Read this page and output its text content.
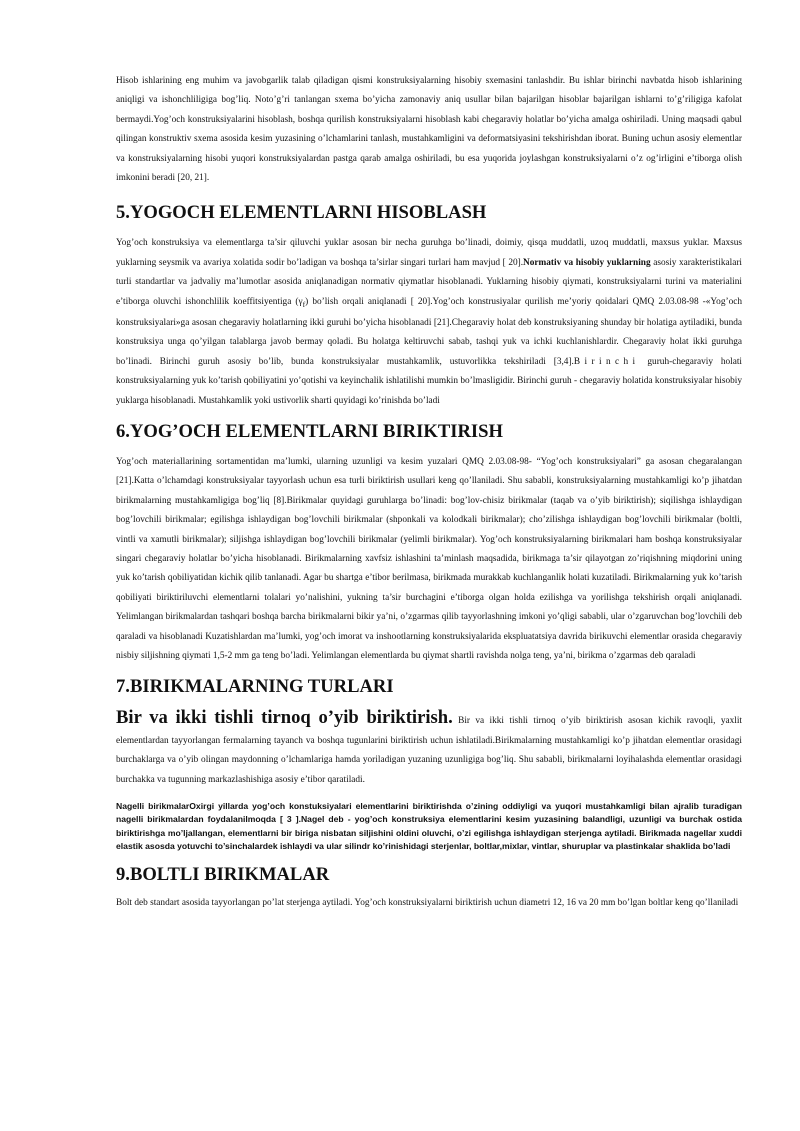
Hisob ishlarining eng muhim va javobgarlik talab qiladigan qismi konstruksiyalarning hisobiy sxemasini tanlashdir. Bu ishlar birinchi navbatda hisob ishlarining aniqligi va ishonchliligiga bog’liq. Noto’g’ri tanlangan sxema bo’yicha zamonaviy aniq usullar bilan bajarilgan hisoblar bajarilgan ishlarni to’g’riligiga kafolat bermaydi.Yog’och konstruksiyalarini hisoblash, boshqa qurilish konstruksiyalarni hisoblash kabi chegaraviy holatlar bo’yicha amalga oshiriladi. Uning maqsadi qabul qilingan konstruktiv sxema asosida kesim yuzasining o’lchamlarini tanlash, mustahkamligini va deformatsiyasini tekshirishdan iborat. Buning uchun asosiy elementlar va konstruksiyalarning hisobi yuqori konstruksiyalardan pastga qarab amalga oshiriladi, bu esa yuqorida joylashgan konstruksiyalarni o’z og’irligini e’tiborga olish imkonini beradi [20, 21].

5.YOGOCH ELEMENTLARNI HISOBLASH

Yog’och konstruksiya va elementlarga ta’sir qiluvchi yuklar asosan bir necha guruhga bo’linadi, doimiy, qisqa muddatli, uzoq muddatli, maxsus yuklar. Maxsus yuklarning seysmik va avariya xolatida sodir bo’ladigan va boshqa ta’sirlar singari turlari ham mavjud [ 20].Normativ va hisobiy yuklarning asosiy xarakteristikalari turli standartlar va jadvaliy ma’lumotlar asosida aniqlanadigan normativ qiymatlar hisoblanadi. Yuklarning hisobiy qiymati, konstruksiyalarni turini va materialini e’tiborga oluvchi ishonchlilik koeffitsiyentiga $(\gamma_f)$ bo’lish orqali aniqlanadi [ 20].Yog’och konstrusiyalar qurilish me’yoriy qoidalari QMQ 2.03.08-98 -«Yog’och konstruksiyalari»ga asosan chegaraviy holatlarning ikki guruhi bo’yicha hisoblanadi [21].Chegaraviy holat deb konstruksiyaning shunday bir holatiga aytiladiki, bunda konstruksiya unga qo’yilgan talablarga javob bermay qoladi. Bu holatga keltiruvchi sabab, tashqi yuk va ichki kuchlanishlardir. Chegaraviy holat ikki guruhga bo’linadi. Birinchi guruh asosiy bo’lib, bunda konstruksiyalar mustahkamlik, ustuvorlikka tekshiriladi [3,4].Birinchi guruh-chegaraviy holati konstruksiyalarning yuk ko’tarish qobiliyatini yo’qotishi va keyinchalik ishlatilishi mumkin bo’lmasligidir. Birinchi guruh - chegaraviy holatida konstruksiyalar hisobiy yuklarga hisoblanadi. Mustahkamlik yoki ustivorlik sharti quyidagi ko’rinishda bo’ladi

6.YOG’OCH ELEMENTLARNI BIRIKTIRISH

Yog’och materiallarining sortamentidan ma’lumki, ularning uzunligi va kesim yuzalari QMQ 2.03.08-98- “Yog’och konstruksiyalari” ga asosan chegaralangan [21].Katta o’lchamdagi konstruksiyalar tayyorlash uchun esa turli biriktirish usullari keng qo’llaniladi. Shu sababli, konstruksiyalarning mustahkamligi ko’p jihatdan birikmalarning mustahkamligiga bog’liq [8].Birikmalar quyidagi guruhlarga bo’linadi: bog’lov-chisiz birikmalar (taqab va o’yib biriktirish); siqilishga ishlaydigan bog’lovchili birikmalar; egilishga ishlaydigan bog’lovchili birikmalar (shponkali va kolodkali birikmalar); cho’zilishga ishlaydigan bog’lovchili birikmalar (boltli, vintli va xamutli birikmalar); siljishga ishlaydigan bog’lovchili birikmalar (yelimli birikmalar). Yog’och konstruksiyalarning birikmalari ham boshqa konstruksiyalar singari chegaraviy holatlar bo’yicha hisoblanadi. Birikmalarning xavfsiz ishlashini ta’minlash maqsadida, birikmaga ta’sir qilayotgan zo’riqishning miqdorini uning yuk ko’tarish qobiliyatidan kichik qilib tanlanadi. Agar bu shartga e’tibor berilmasa, birikmada murakkab kuchlanganlik holati kuzatiladi. Birikmalarning yuk ko’tarish qobiliyati biriktiriluvchi elementlarni tolalari yo’nalishini, yukning ta’sir burchagini e’tiborga olgan holda ezilishga va yorilishga tekshirish orqali aniqlanadi. Yelimlangan birikmalardan tashqari boshqa barcha birikmalarni bikir ya’ni, o’zgarmas qilib tayyorlashning imkoni yo’qligi sababli, ular o’zgaruvchan bog’lovchili deb qaraladi va hisoblanadi Kuzatishlardan ma’lumki, yog’och imorat va inshootlarning konstruksiyalarida ekspluatatsiya davrida birikuvchi elementlar orasida chegaraviy nisbiy siljishning qiymati 1,5-2 mm ga teng bo’ladi. Yelimlangan elementlarda bu qiymat shartli ravishda nolga teng, ya’ni, birikma o’zgarmas deb qaraladi

7.BIRIKMALARNING TURLARI

Bir va ikki tishli tirnoq o’yib biriktirish. Bir va ikki tishli tirnoq o’yib biriktirish asosan kichik ravoqli, yaxlit elementlardan tayyorlangan fermalarning tayanch va boshqa tugunlarini biriktirish uchun ishlatiladi.Birikmalarning mustahkamligi ko’p jihatdan elementlar orasidagi burchaklarga va o’yib olingan maydonning o’lchamlariga hamda yoriladigan yuzaning uzunligiga bog’liq. Shu sababli, birikmalarni loyihalashda elementlar orasidagi burchakka va tugunning markazlashishiga asosiy e’tibor qaratiladi.

Nagelli birikmalarOxirgi yillarda yog’och konstuksiyalari elementlarini biriktirishda o’zining oddiyligi va yuqori mustahkamligi bilan ajralib turadigan nagelli birikmalardan foydalanilmoqda [ 3 ].Nagel deb - yog’och konstruksiya elementlarini kesim yuzasining balandligi, uzunligi va burchak ostida biriktirishga mo’ljallangan, elementlarni bir biriga nisbatan siljishini oldini oluvchi, o’zi egilishga ishlaydigan sterjenga aytiladi. Birikmada nagellar xuddi elastik asosda yotuvchi to’sinchalardek ishlaydi va ular silindr ko’rinishidagi sterjenlar, boltlar,mixlar, vintlar, shuruplar va plastinkalar shaklida bo’ladi

9.BOLTLI BIRIKMALAR

Bolt deb standart asosida tayyorlangan po’lat sterjenga aytiladi. Yog’och konstruksiyalarni biriktirish uchun diametri 12, 16 va 20 mm bo’lgan boltlar keng qo’llaniladi
